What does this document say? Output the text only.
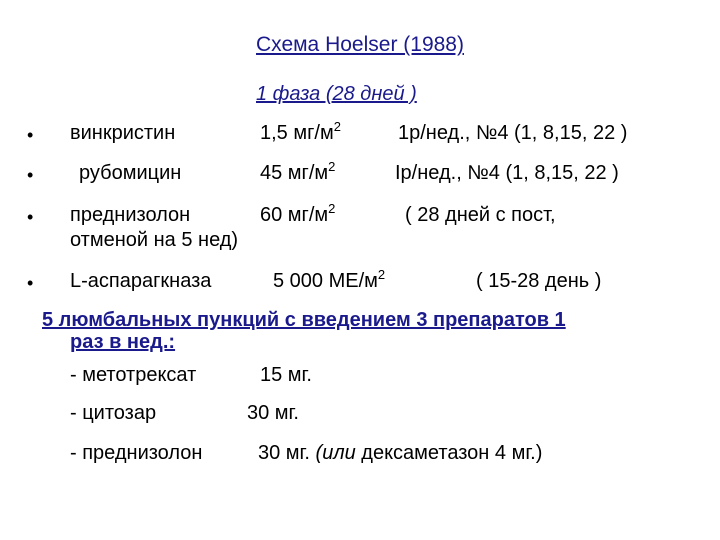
Схема Hoelser (1988)
1 фаза (28 дней )
• винкристин	1,5 $мг/м^2$	1р/нед., №4 (1, 8,15, 22 )
• рубомицин	45 $мг/м^2$	Iр/нед., №4 (1, 8,15, 22 )
• преднизолон	60 $мг/м^2$	( 28 дней с пост,
отменой на 5 нед)
• L-аспарагкназа	5 000 $МЕ/м^2$	( 15-28 день )
5 люмбальных пункций с введением 3 препаратов 1
раз в нед.:
- метотрексат	15 мг.
- цитозар	30 мг.
- преднизолон	30 мг. (или дексаметазон 4 мг.)
